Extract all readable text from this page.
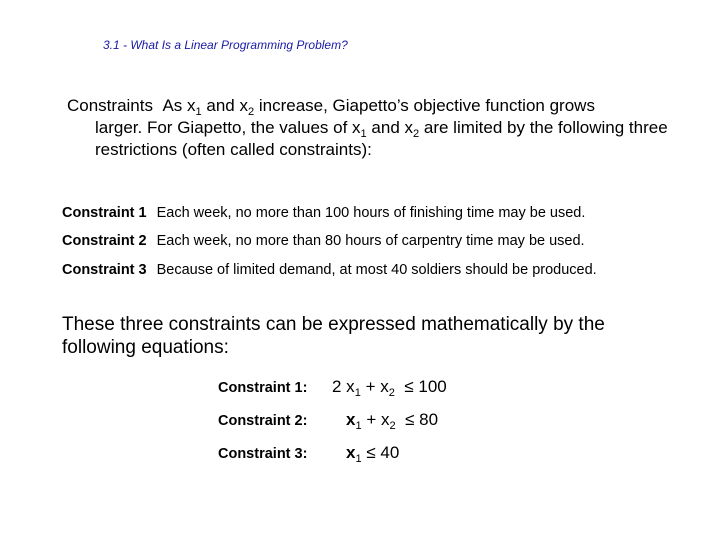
3.1 - What Is a Linear Programming Problem?
Constraints As $x_1$ and $x_2$ increase, Giapetto’s objective function grows
larger. For Giapetto, the values of $x_1$ and $x_2$ are limited by the following three restrictions (often called constraints):
Constraint 1 Each week, no more than 100 hours of finishing time may be used.
Constraint 2 Each week, no more than 80 hours of carpentry time may be used.
Constraint 3 Because of limited demand, at most 40 soldiers should be produced.
These three constraints can be expressed mathematically by the following equations:
Constraint 1: 2 $x_1 + x_2 \le 100$
Constraint 2: $x_1 + x_2 \le 80$
Constraint 3: $x_1 \le 40$
